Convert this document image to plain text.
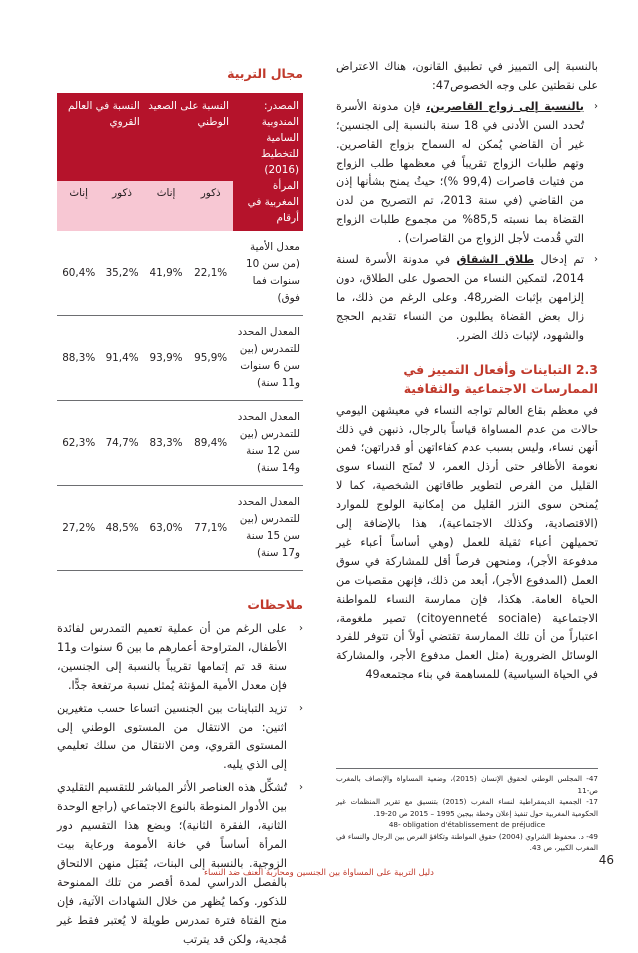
بالنسبة إلى التمييز في تطبيق القانون، هناك الاعتراض على نقطتين على وجه الخصوص47:

‹
بالنسبة إلى زواج القاصرين، فإن مدونة الأسرة تُحدد السن الأدنى في 18 سنة بالنسبة إلى الجنسين؛ غير أن القاضي يُمكن له السماح بزواج القاصرين. وتهم طلبات الزواج تقريباً في معظمها طلب الزواج من فتيات قاصرات (99,4 %)؛ حيثُ يمنح بشأنها إذن من القاضي (في سنة 2013، تم التصريح من لدن القضاة بما نسبته 85,5% من مجموع طلبات الزواج التي قُدمت لأجل الزواج من القاصرات) .
‹
تم إدخال طلاق الشقاق في مدونة الأسرة لسنة 2014، لتمكين النساء من الحصول على الطلاق، دون إلزامهن بإثبات الضرر48. وعلى الرغم من ذلك، ما زال بعض القضاة يطلبون من النساء تقديم الحجج والشهود، لإثبات ذلك الضرر.
2.3 التباينات وأفعال التمييز في الممارسات الاجتماعية والثقافية

في معظم بقاع العالم تواجه النساء في معيشهن اليومي حالات من عدم المساواة قياساً بالرجال، ذنبهن في ذلك أنهن نساء، وليس بسبب عدم كفاءاتهن أو قدراتهن؛ فمن نعومة الأظافر حتى أرذل العمر، لا تُمنَح النساء سوى القليل من الفرص لتطوير طاقاتهن الشخصية، كما لا يُمنحن سوى النزر القليل من إمكانية الولوج للموارد (الاقتصادية، وكذلك الاجتماعية)، هذا بالإضافة إلى تحميلهن أعباء ثقيلة للعمل (وهي أساساً أعباء غير مدفوعة الأجر)، ومنحهن فرصاً أقل للمشاركة في سوق العمل (المدفوع الأجر)، أبعد من ذلك، فإنهن مقصيات من الحياة العامة. هكذا، فإن ممارسة النساء للمواطنة الاجتماعية (citoyenneté sociale) تصير ملغومة، اعتباراً من أن تلك الممارسة تقتضي أولاً أن تتوفر للفرد الوسائل الضرورية (مثل العمل مدفوع الأجر، والمشاركة في الحياة السياسية) للمساهمة في بناء مجتمعه49

مجال التربية
المصدر: المندوبية السامية للتخطيط (2016) المرأة المغربية في أرقام	النسبة على الصعيد الوطني		النسبة في العالم القروي	
	ذكور	إناث	ذكور	إناث
معدل الأمية (من سن 10 سنوات فما فوق)	22,1%	41,9%	35,2%	60,4%
المعدل المحدد للتمدرس (بين سن 6 سنوات و11 سنة)	95,9%	93,9%	91,4%	88,3%
المعدل المحدد للتمدرس (بين سن 12 سنة و14 سنة)	89,4%	83,3%	74,7%	62,3%
المعدل المحدد للتمدرس (بين سن 15 سنة و17 سنة)	77,1%	63,0%	48,5%	27,2%
ملاحظات
‹
على الرغم من أن عملية تعميم التمدرس لفائدة الأطفال، المتراوحة أعمارهم ما بين 6 سنوات و11 سنة قد تم إتمامها تقريباً بالنسبة إلى الجنسين، فإن معدل الأمية المؤنثة يُمثل نسبة مرتفعة جدًّا.
‹
تزيد التباينات بين الجنسين اتساعا حسب متغيرين اثنين: من الانتقال من المستوى الوطني إلى المستوى القروي، ومن الانتقال من سلك تعليمي إلى الذي يليه.
‹
تُشكِّل هذه العناصر الأثر المباشر للتقسيم التقليدي بين الأدوار المنوطة بالنوع الاجتماعي (راجع الوحدة الثانية، الفقرة الثانية)؛ وبضع هذا التقسيم دور المرأة أساساً في خانة الأمومة ورعاية بيت الزوجية. بالنسبة إلى البنات، يُقبَل منهن الالتحاق بالفصل الدراسي لمدة أقصر من تلك الممنوحة للذكور. وكما يُظهر من خلال الشهادات الآتية، فإن منح الفتاة فترة تمدرس طويلة لا يُعتبر فقط غير مُجدية، ولكن قد يترتب

47- المجلس الوطني لحقوق الإنسان (2015)، وضعية المساواة والإنصاف بالمغرب ص-11

17- الجمعية الديمقراطية لنساء المغرب (2015) بتنسيق مع تقرير المنظمات غير الحكومية المغربية حول تنفيذ إعلان وخطة بيجين 1995 – 2015 ص 20-19.

48- obligation d'établissement de préjudice

49- د. محفوظ الشراوي (2004) حقوق المواطنة وتكافؤ الفرص بين الرجال والنساء في المغرب الكبير، ص 43.

46
دليل التربية على المساواة بين الجنسين ومحاربة العنف ضد النساء
